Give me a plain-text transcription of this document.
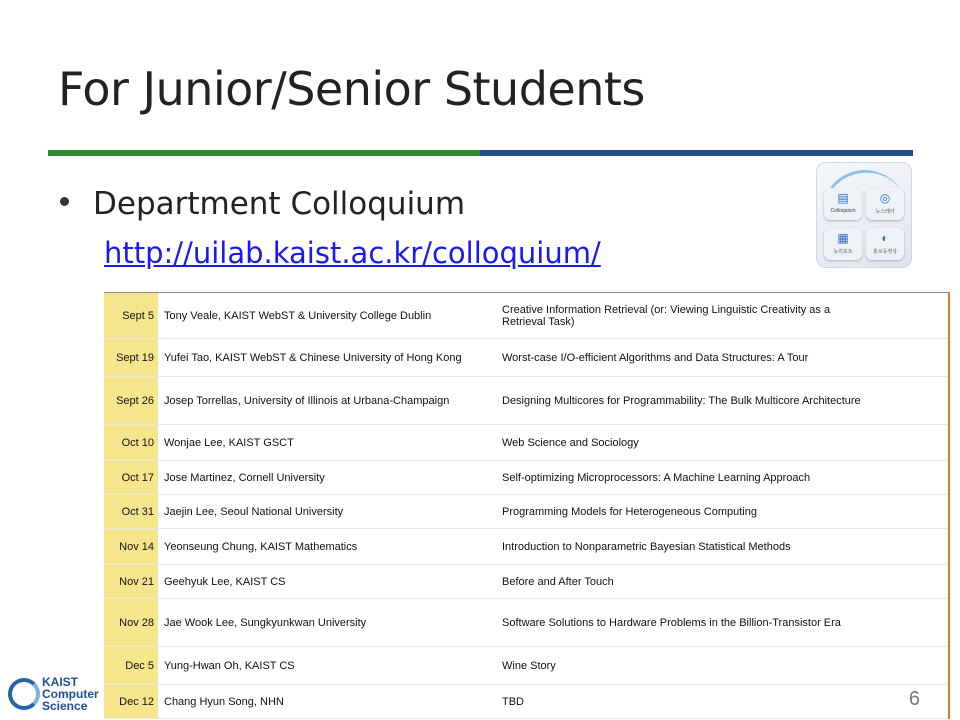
For Junior/Senior Students
Department Colloquium
http://uilab.kaist.ac.kr/colloquium/
▤
Colloquium
◎
뉴스레터
▦
뉴리포트
◐
홍보동영상
Sept 5	Tony Veale, KAIST WebST & University College Dublin	Creative Information Retrieval (or: Viewing Linguistic Creativity as a Retrieval Task)
Sept 19	Yufei Tao, KAIST WebST & Chinese University of Hong Kong	Worst-case I/O-efficient Algorithms and Data Structures: A Tour
Sept 26	Josep Torrellas, University of Illinois at Urbana-Champaign	Designing Multicores for Programmability: The Bulk Multicore Architecture
Oct 10	Wonjae Lee, KAIST GSCT	Web Science and Sociology
Oct 17	Jose Martinez, Cornell University	Self-optimizing Microprocessors: A Machine Learning Approach
Oct 31	Jaejin Lee, Seoul National University	Programming Models for Heterogeneous Computing
Nov 14	Yeonseung Chung, KAIST Mathematics	Introduction to Nonparametric Bayesian Statistical Methods
Nov 21	Geehyuk Lee, KAIST CS	Before and After Touch
Nov 28	Jae Wook Lee, Sungkyunkwan University	Software Solutions to Hardware Problems in the Billion-Transistor Era
Dec 5	Yung-Hwan Oh, KAIST CS	Wine Story
Dec 12	Chang Hyun Song, NHN	TBD
KAIST
Computer
Science	6
